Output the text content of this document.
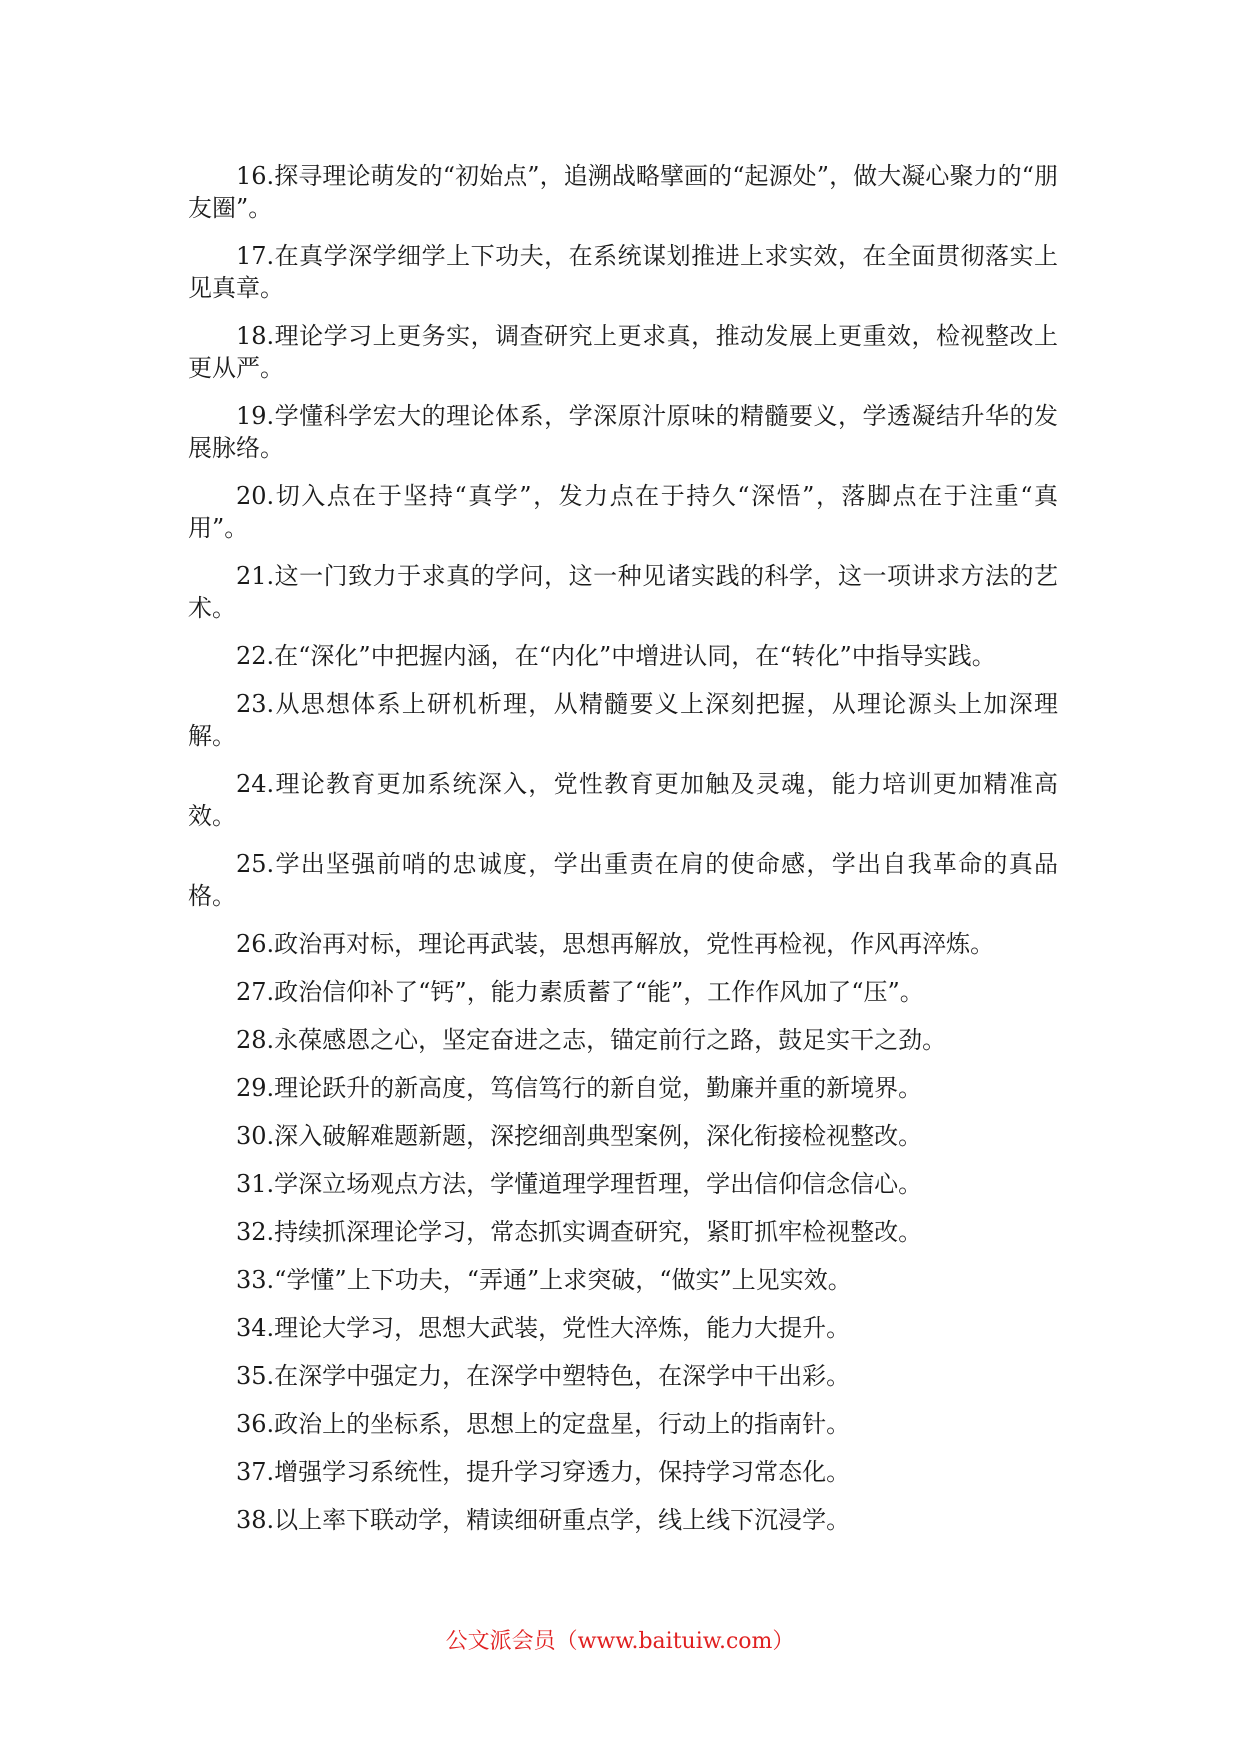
16.探寻理论萌发的“初始点”，追溯战略擘画的“起源处”，做大凝心聚力的“朋友圈”。

17.在真学深学细学上下功夫，在系统谋划推进上求实效，在全面贯彻落实上见真章。

18.理论学习上更务实，调查研究上更求真，推动发展上更重效，检视整改上更从严。

19.学懂科学宏大的理论体系，学深原汁原味的精髓要义，学透凝结升华的发展脉络。

20.切入点在于坚持“真学”，发力点在于持久“深悟”，落脚点在于注重“真用”。

21.这一门致力于求真的学问，这一种见诸实践的科学，这一项讲求方法的艺术。

22.在“深化”中把握内涵，在“内化”中增进认同，在“转化”中指导实践。

23.从思想体系上研机析理，从精髓要义上深刻把握，从理论源头上加深理解。

24.理论教育更加系统深入，党性教育更加触及灵魂，能力培训更加精准高效。

25.学出坚强前哨的忠诚度，学出重责在肩的使命感，学出自我革命的真品格。

26.政治再对标，理论再武装，思想再解放，党性再检视，作风再淬炼。

27.政治信仰补了“钙”，能力素质蓄了“能”，工作作风加了“压”。

28.永葆感恩之心，坚定奋进之志，锚定前行之路，鼓足实干之劲。

29.理论跃升的新高度，笃信笃行的新自觉，勤廉并重的新境界。

30.深入破解难题新题，深挖细剖典型案例，深化衔接检视整改。

31.学深立场观点方法，学懂道理学理哲理，学出信仰信念信心。

32.持续抓深理论学习，常态抓实调查研究，紧盯抓牢检视整改。

33.“学懂”上下功夫，“弄通”上求突破，“做实”上见实效。

34.理论大学习，思想大武装，党性大淬炼，能力大提升。

35.在深学中强定力，在深学中塑特色，在深学中干出彩。

36.政治上的坐标系，思想上的定盘星，行动上的指南针。

37.增强学习系统性，提升学习穿透力，保持学习常态化。

38.以上率下联动学，精读细研重点学，线上线下沉浸学。

公文派会员（www.baituiw.com）
